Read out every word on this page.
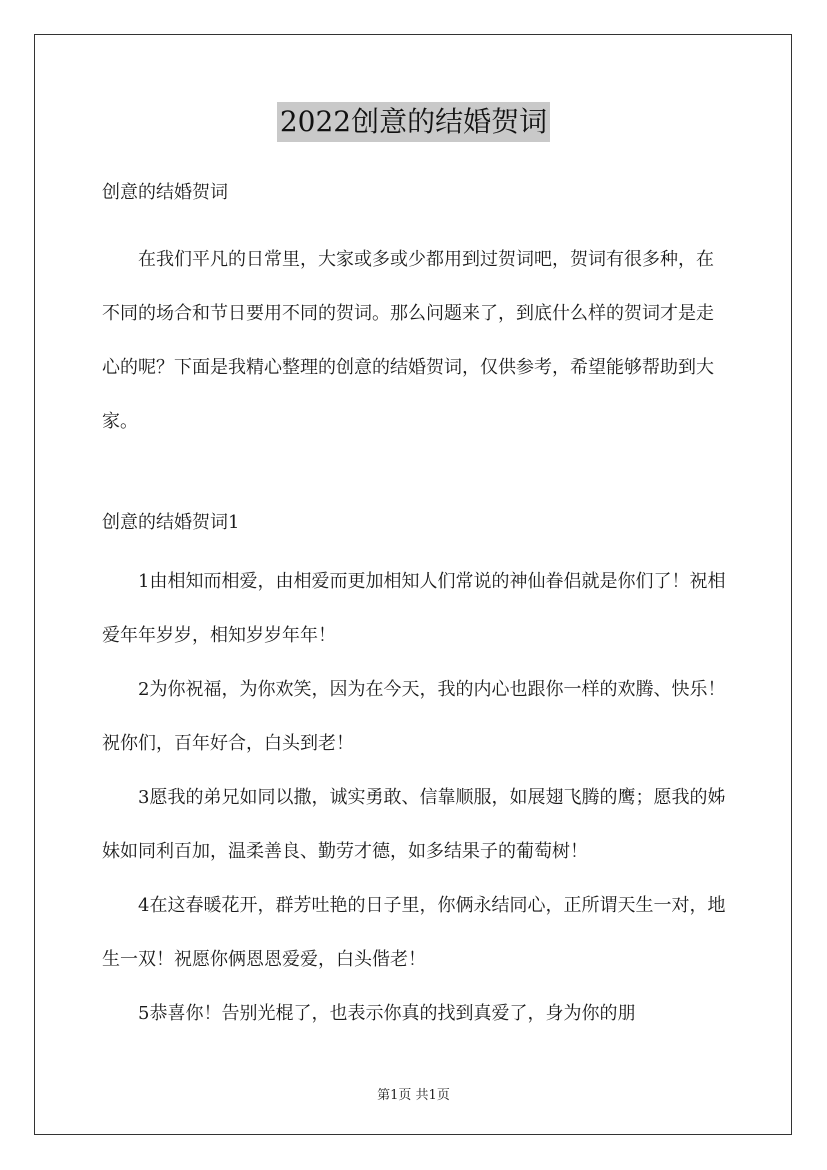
2022创意的结婚贺词

创意的结婚贺词

在我们平凡的日常里，大家或多或少都用到过贺词吧，贺词有很多种，在不同的场合和节日要用不同的贺词。那么问题来了，到底什么样的贺词才是走心的呢？下面是我精心整理的创意的结婚贺词，仅供参考，希望能够帮助到大家。

创意的结婚贺词1

1由相知而相爱，由相爱而更加相知人们常说的神仙眷侣就是你们了！祝相爱年年岁岁，相知岁岁年年！

2为你祝福，为你欢笑，因为在今天，我的内心也跟你一样的欢腾、快乐！祝你们，百年好合，白头到老！

3愿我的弟兄如同以撒，诚实勇敢、信靠顺服，如展翅飞腾的鹰；愿我的姊妹如同利百加，温柔善良、勤劳才德，如多结果子的葡萄树！

4在这春暖花开，群芳吐艳的日子里，你俩永结同心，正所谓天生一对，地生一双！祝愿你俩恩恩爱爱，白头偕老！

5恭喜你！告别光棍了，也表示你真的找到真爱了，身为你的朋

第1页 共1页
